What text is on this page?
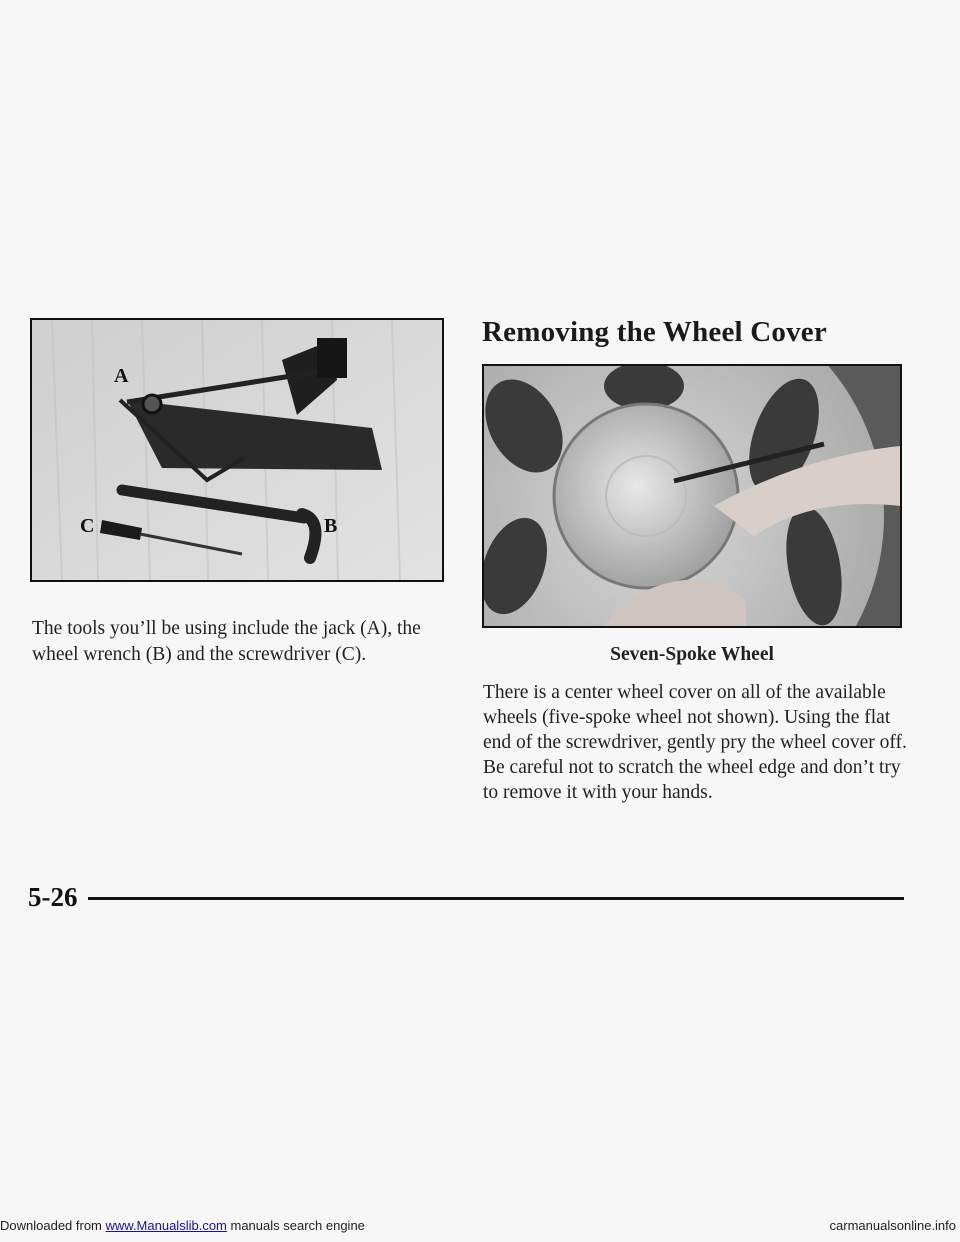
A
B
C
The tools you’ll be using include the jack (A), the wheel wrench (B) and the screwdriver (C).
Removing the Wheel Cover
Seven-Spoke Wheel
There is a center wheel cover on all of the available wheels (five-spoke wheel not shown). Using the flat end of the screwdriver, gently pry the wheel cover off. Be careful not to scratch the wheel edge and don’t try to remove it with your hands.
5-26
Downloaded from www.Manualslib.com manuals search engine	carmanualsonline.info
